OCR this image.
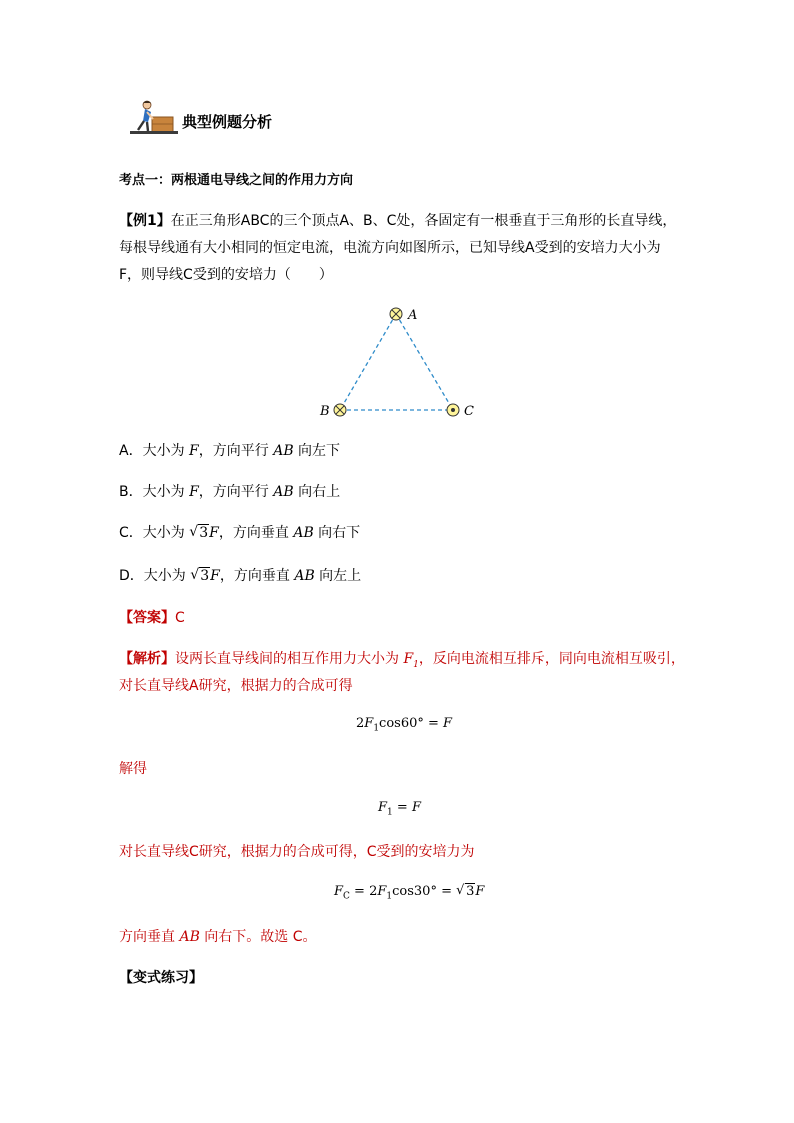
典型例题分析
考点一：两根通电导线之间的作用力方向
【例1】在正三角形ABC的三个顶点A、B、C处，各固定有一根垂直于三角形的长直导线，
每根导线通有大小相同的恒定电流，电流方向如图所示，已知导线A受到的安培力大小为
F，则导线C受到的安培力（　　）
A
B	C
A．大小为 F，方向平行 AB 向左下
B．大小为 F，方向平行 AB 向右上
C．大小为 √ 3F，方向垂直 AB 向右下
D．大小为 √ 3F，方向垂直 AB 向左上
【答案】C
【解析】设两长直导线间的相互作用力大小为 $F_1$，反向电流相互排斥，同向电流相互吸引，
对长直导线A研究，根据力的合成可得
$2F_1\cos 60^\circ = F$
解得
$F_1 = F$
对长直导线C研究，根据力的合成可得，C受到的安培力为
$F_C = 2F_1\cos 30^\circ$ = √ 3F
方向垂直 AB 向右下。故选 C。
【变式练习】
